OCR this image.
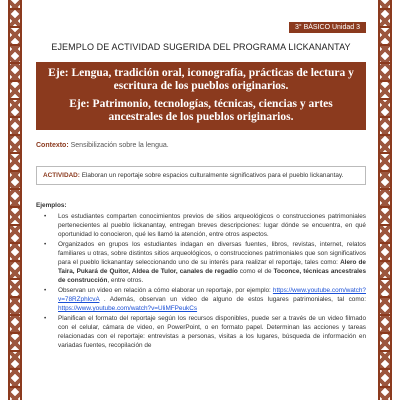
3° BÁSICO Unidad 3
EJEMPLO DE ACTIVIDAD SUGERIDA DEL PROGRAMA LICKANANTAY
Eje: Lengua, tradición oral, iconografía, prácticas de lectura y escritura de los pueblos originarios.
Eje: Patrimonio, tecnologías, técnicas, ciencias y artes ancestrales de los pueblos originarios.
Contexto: Sensibilización sobre la lengua.
ACTIVIDAD: Elaboran un reportaje sobre espacios culturalmente significativos para el pueblo lickanantay.
Ejemplos:
• Los estudiantes comparten conocimientos previos de sitios arqueológicos o construcciones patrimoniales pertenecientes al pueblo lickanantay, entregan breves descripciones: lugar dónde se encuentra, en qué oportunidad lo conocieron, qué les llamó la atención, entre otros aspectos.
• Organizados en grupos los estudiantes indagan en diversas fuentes, libros, revistas, internet, relatos familiares u otras, sobre distintos sitios arqueológicos, o construcciones patrimoniales que son significativos para el pueblo lickanantay seleccionando uno de su interés para realizar el reportaje, tales como: Alero de Taira, Pukará de Quitor, Aldea de Tulor, canales de regadío como el de Toconce, técnicas ancestrales de construcción, entre otros.
• Observan un video en relación a cómo elaborar un reportaje, por ejemplo: https://www.youtube.com/watch?v=78RZphlcvA . Además, observan un video de alguno de estos lugares patrimoniales, tal como: https://www.youtube.com/watch?v=UliMFPeukCs
• Planifican el formato del reportaje según los recursos disponibles, puede ser a través de un video filmado con el celular, cámara de video, en PowerPoint, o en formato papel. Determinan las acciones y tareas relacionadas con el reportaje: entrevistas a personas, visitas a los lugares, búsqueda de información en variadas fuentes, recopilación de
